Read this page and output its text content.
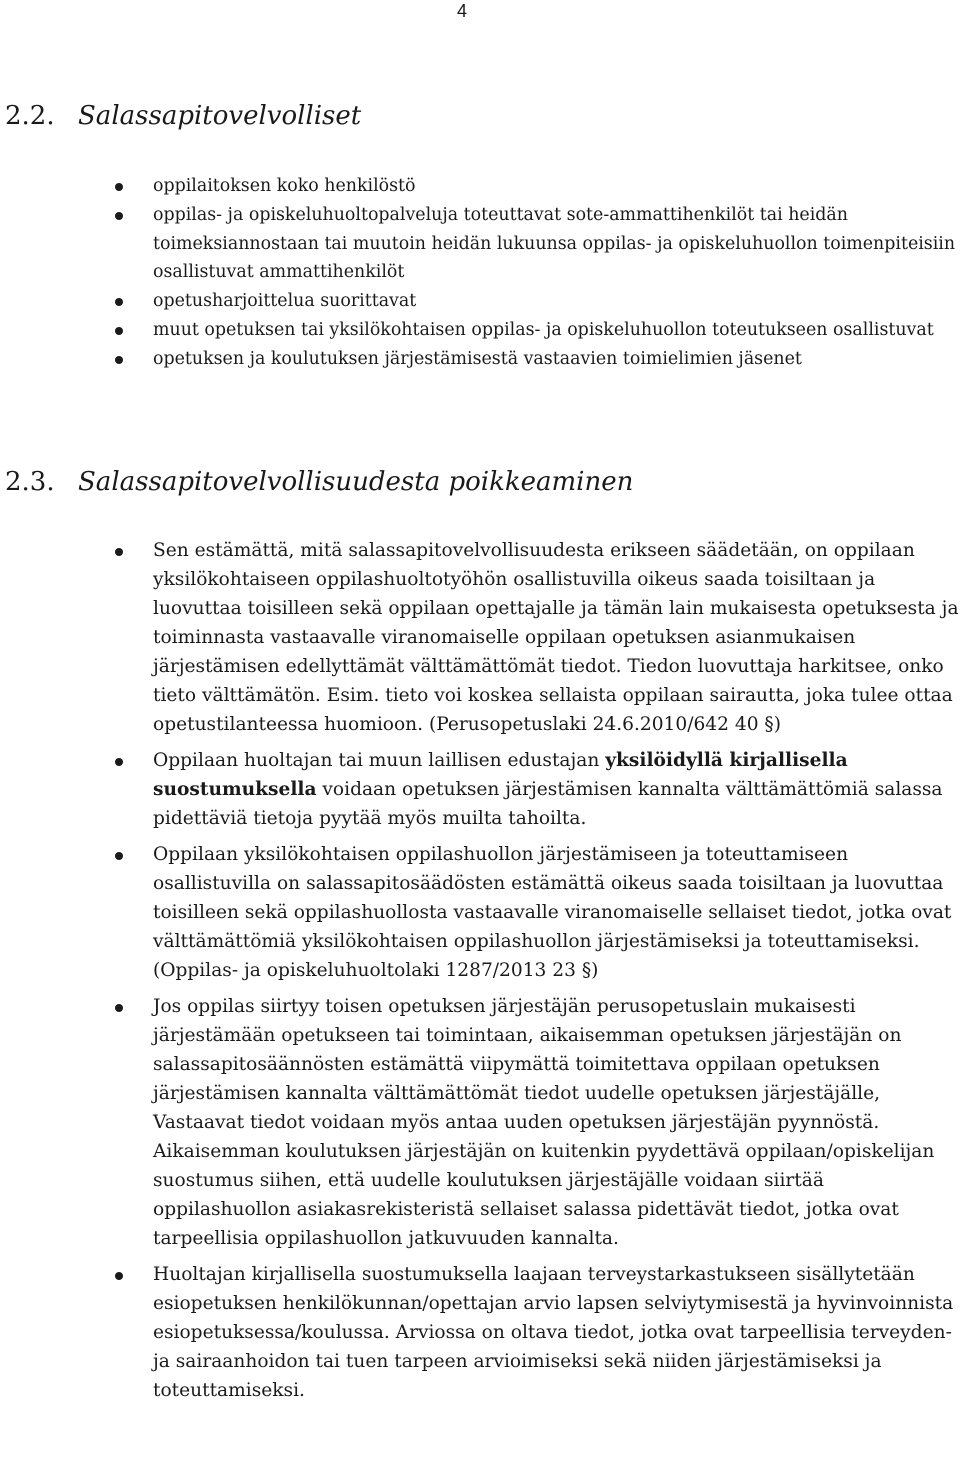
4
2.2. Salassapitovelvolliset
oppilaitoksen koko henkilöstö
oppilas- ja opiskeluhuoltopalveluja toteuttavat sote-ammattihenkilöt tai heidän toimeksiannostaan tai muutoin heidän lukuunsa oppilas- ja opiskeluhuollon toimenpiteisiin osallistuvat ammattihenkilöt
opetusharjoittelua suorittavat
muut opetuksen tai yksilökohtaisen oppilas- ja opiskeluhuollon toteutukseen osallistuvat
opetuksen ja koulutuksen järjestämisestä vastaavien toimielimien jäsenet
2.3. Salassapitovelvollisuudesta poikkeaminen
Sen estämättä, mitä salassapitovelvollisuudesta erikseen säädetään, on oppilaan yksilökohtaiseen oppilashuoltotyöhön osallistuvilla oikeus saada toisiltaan ja luovuttaa toisilleen sekä oppilaan opettajalle ja tämän lain mukaisesta opetuksesta ja toiminnasta vastaavalle viranomaiselle oppilaan opetuksen asianmukaisen järjestämisen edellyttämät välttämättömät tiedot. Tiedon luovuttaja harkitsee, onko tieto välttämätön. Esim. tieto voi koskea sellaista oppilaan sairautta, joka tulee ottaa opetustilanteessa huomioon. (Perusopetuslaki 24.6.2010/642 40 §)
Oppilaan huoltajan tai muun laillisen edustajan yksilöidyllä kirjallisella suostumuksella voidaan opetuksen järjestämisen kannalta välttämättömiä salassa pidettäviä tietoja pyytää myös muilta tahoilta.
Oppilaan yksilökohtaisen oppilashuollon järjestämiseen ja toteuttamiseen osallistuvilla on salassapitosäädösten estämättä oikeus saada toisiltaan ja luovuttaa toisilleen sekä oppilashuollosta vastaavalle viranomaiselle sellaiset tiedot, jotka ovat välttämättömiä yksilökohtaisen oppilashuollon järjestämiseksi ja toteuttamiseksi. (Oppilas- ja opiskeluhuoltolaki 1287/2013 23 §)
Jos oppilas siirtyy toisen opetuksen järjestäjän perusopetuslain mukaisesti järjestämään opetukseen tai toimintaan, aikaisemman opetuksen järjestäjän on salassapitosäännösten estämättä viipymättä toimitettava oppilaan opetuksen järjestämisen kannalta välttämättömät tiedot uudelle opetuksen järjestäjälle, Vastaavat tiedot voidaan myös antaa uuden opetuksen järjestäjän pyynnöstä. Aikaisemman koulutuksen järjestäjän on kuitenkin pyydettävä oppilaan/opiskelijan suostumus siihen, että uudelle koulutuksen järjestäjälle voidaan siirtää oppilashuollon asiakasrekisteristä sellaiset salassa pidettävät tiedot, jotka ovat tarpeellisia oppilashuollon jatkuvuuden kannalta.
Huoltajan kirjallisella suostumuksella laajaan terveystarkastukseen sisällytetään esiopetuksen henkilökunnan/opettajan arvio lapsen selviytymisestä ja hyvinvoinnista esiopetuksessa/koulussa. Arviossa on oltava tiedot, jotka ovat tarpeellisia terveyden- ja sairaanhoidon tai tuen tarpeen arvioimiseksi sekä niiden järjestämiseksi ja toteuttamiseksi.
